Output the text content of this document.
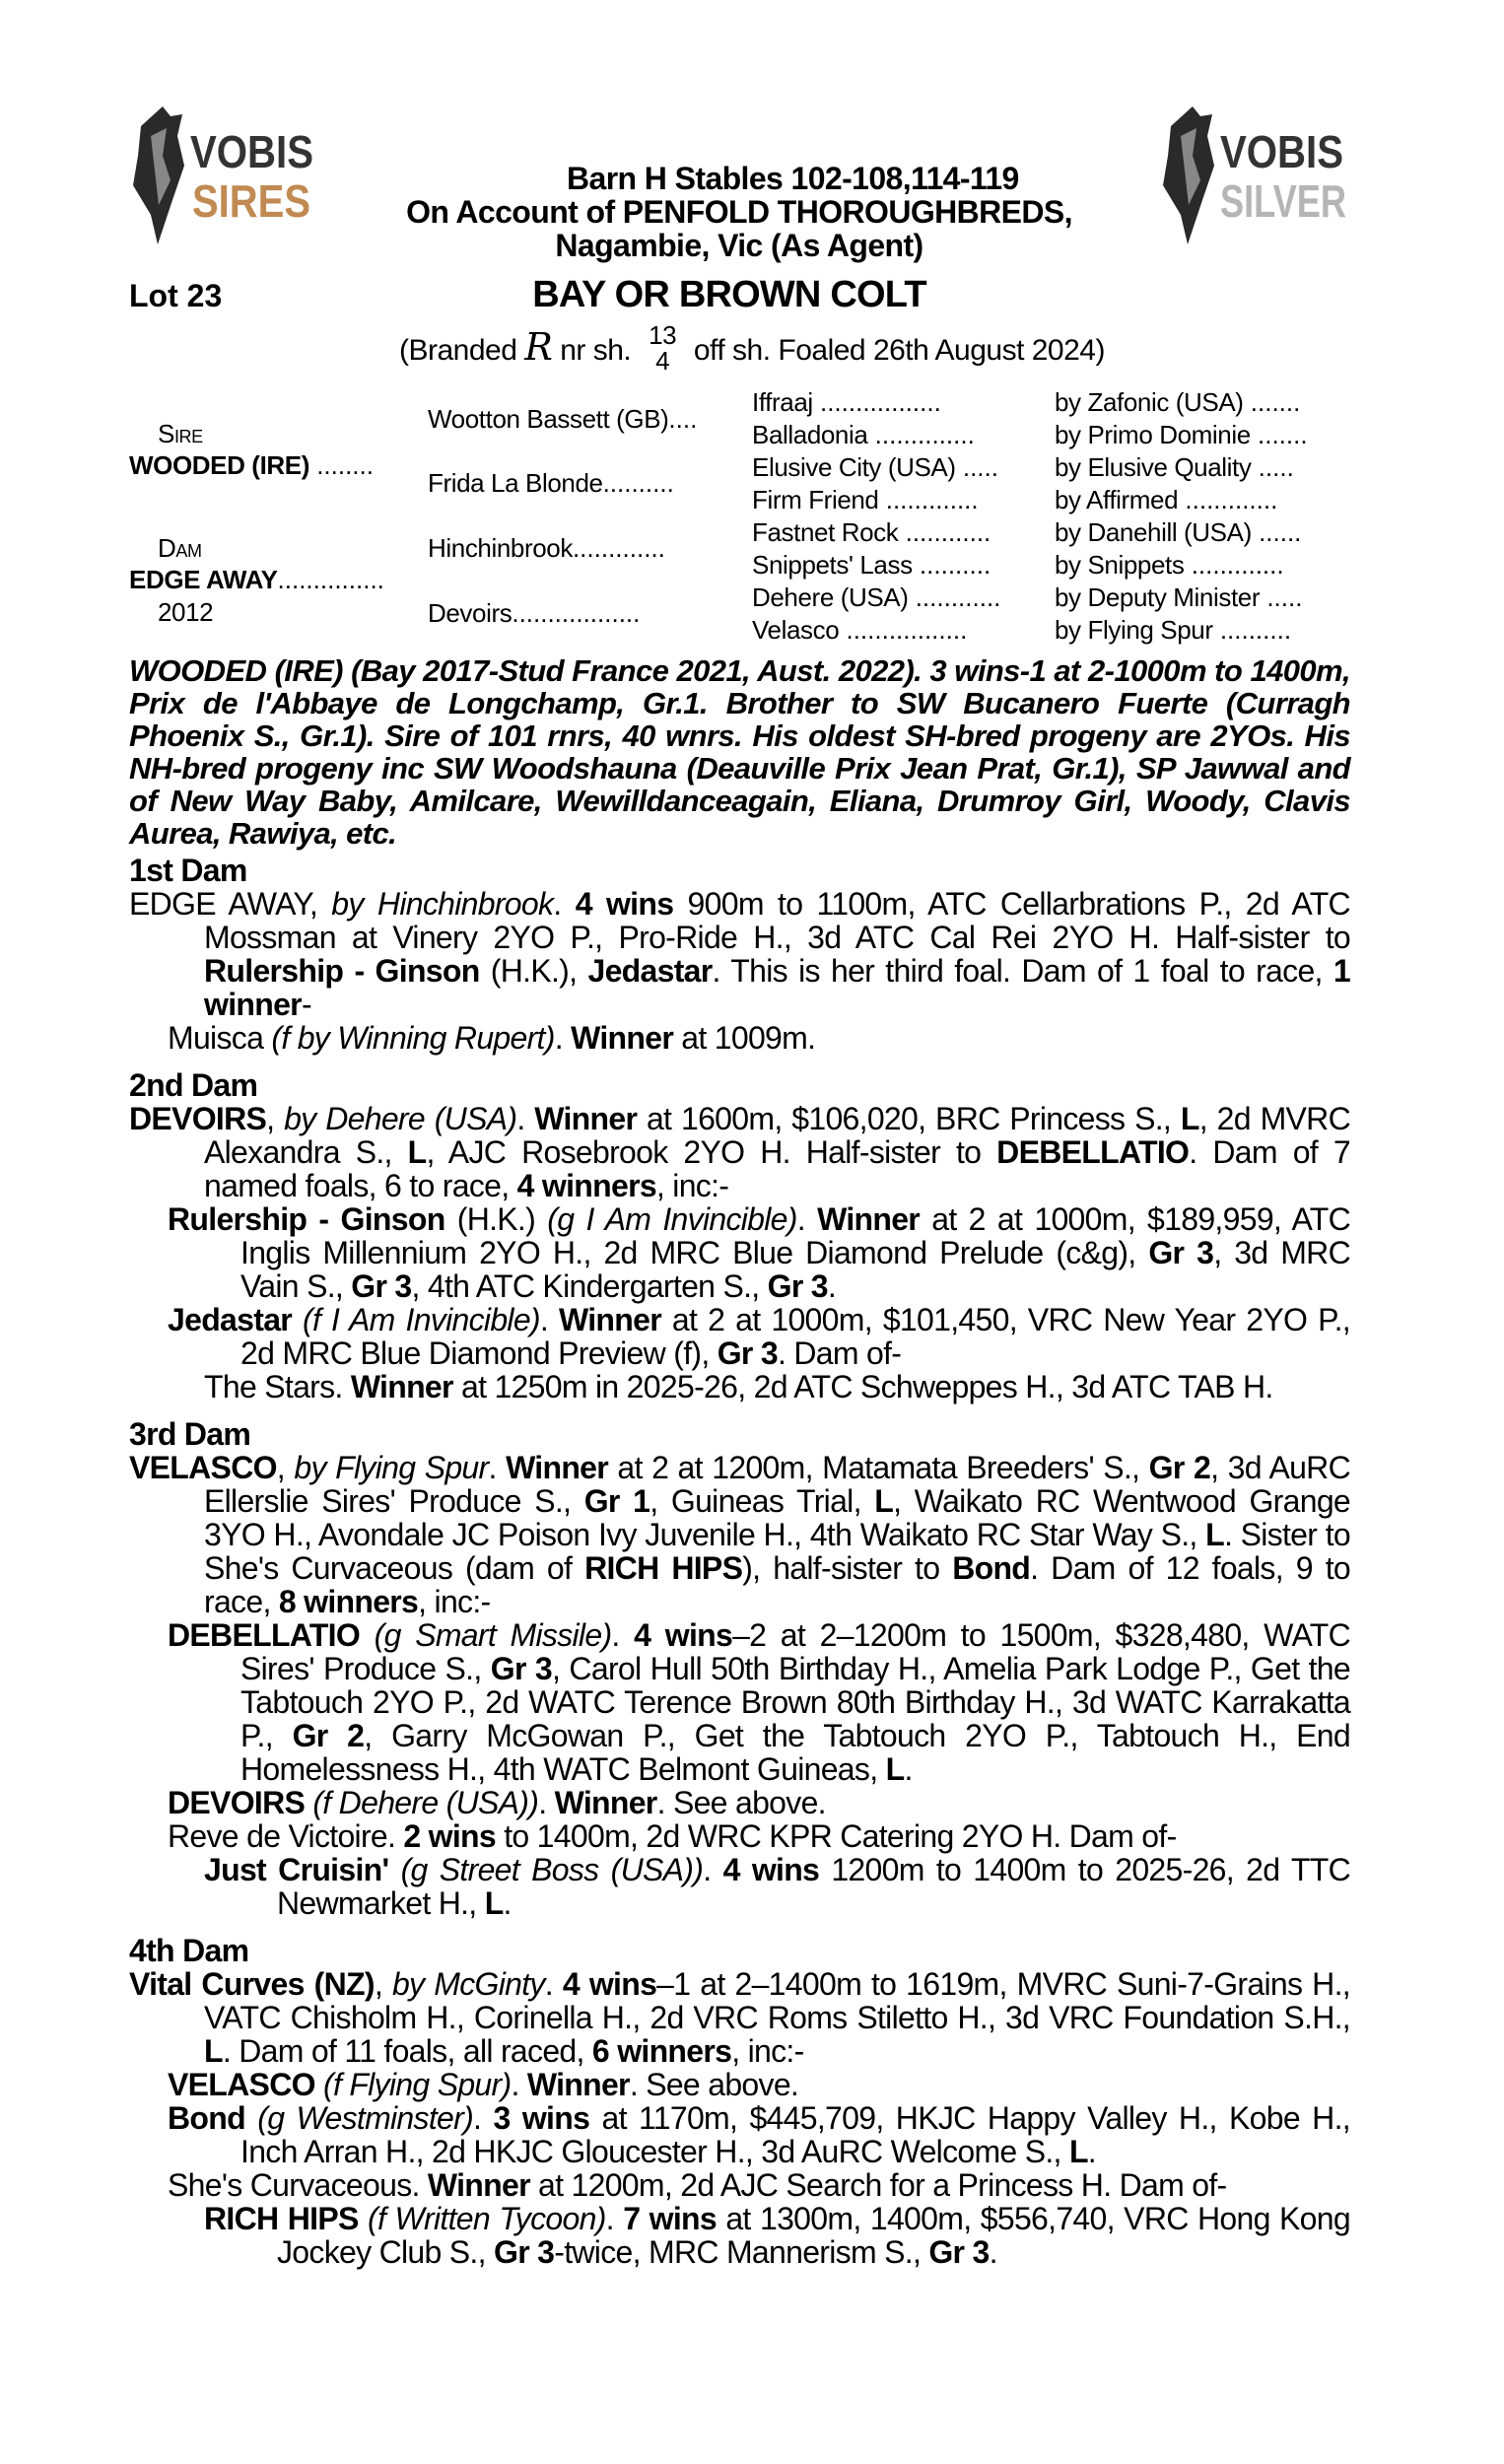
VOBIS
SIRES
VOBIS
SILVER
Barn H Stables 102-108,114-119
On Account of PENFOLD THOROUGHBREDS,
Nagambie, Vic (As Agent)
Lot 23	BAY OR BROWN COLT
(Branded R nr sh. 13
4 off sh. Foaled 26th August 2024)
Sire
WOODED (IRE) ........
Dam
EDGE AWAY...............
2012
Wootton Bassett (GB)....
Frida La Blonde..........
Hinchinbrook.............
Devoirs..................
Iffraaj .................
Balladonia ..............
Elusive City (USA) .....
Firm Friend .............
Fastnet Rock ............
Snippets' Lass ..........
Dehere (USA) ............
Velasco .................
by Zafonic (USA) .......
by Primo Dominie .......
by Elusive Quality .....
by Affirmed .............
by Danehill (USA) ......
by Snippets .............
by Deputy Minister .....
by Flying Spur ..........
WOODED (IRE) (Bay 2017-Stud France 2021, Aust. 2022). 3 wins-1 at 2-1000m to 1400m, Prix de l'Abbaye de Longchamp, Gr.1. Brother to SW Bucanero Fuerte (Curragh Phoenix S., Gr.1). Sire of 101 rnrs, 40 wnrs. His oldest SH-bred progeny are 2YOs. His NH-bred progeny inc SW Woodshauna (Deauville Prix Jean Prat, Gr.1), SP Jawwal and of New Way Baby, Amilcare, Wewilldanceagain, Eliana, Drumroy Girl, Woody, Clavis Aurea, Rawiya, etc.
1st Dam

EDGE AWAY, by Hinchinbrook. 4 wins 900m to 1100m, ATC Cellarbrations P., 2d ATC Mossman at Vinery 2YO P., Pro-Ride H., 3d ATC Cal Rei 2YO H. Half-sister to Rulership - Ginson (H.K.), Jedastar. This is her third foal. Dam of 1 foal to race, 1 winner-

Muisca (f by Winning Rupert). Winner at 1009m.

2nd Dam

DEVOIRS, by Dehere (USA). Winner at 1600m, $106,020, BRC Princess S., L, 2d MVRC Alexandra S., L, AJC Rosebrook 2YO H. Half-sister to DEBELLATIO. Dam of 7 named foals, 6 to race, 4 winners, inc:-

Rulership - Ginson (H.K.) (g I Am Invincible). Winner at 2 at 1000m, $189,959, ATC Inglis Millennium 2YO H., 2d MRC Blue Diamond Prelude (c&g), Gr 3, 3d MRC Vain S., Gr 3, 4th ATC Kindergarten S., Gr 3.

Jedastar (f I Am Invincible). Winner at 2 at 1000m, $101,450, VRC New Year 2YO P., 2d MRC Blue Diamond Preview (f), Gr 3. Dam of-

The Stars. Winner at 1250m in 2025-26, 2d ATC Schweppes H., 3d ATC TAB H.

3rd Dam

VELASCO, by Flying Spur. Winner at 2 at 1200m, Matamata Breeders' S., Gr 2, 3d AuRC Ellerslie Sires' Produce S., Gr 1, Guineas Trial, L, Waikato RC Wentwood Grange 3YO H., Avondale JC Poison Ivy Juvenile H., 4th Waikato RC Star Way S., L. Sister to She's Curvaceous (dam of RICH HIPS), half-sister to Bond. Dam of 12 foals, 9 to race, 8 winners, inc:-

DEBELLATIO (g Smart Missile). 4 wins–2 at 2–1200m to 1500m, $328,480, WATC Sires' Produce S., Gr 3, Carol Hull 50th Birthday H., Amelia Park Lodge P., Get the Tabtouch 2YO P., 2d WATC Terence Brown 80th Birthday H., 3d WATC Karrakatta P., Gr 2, Garry McGowan P., Get the Tabtouch 2YO P., Tabtouch H., End Homelessness H., 4th WATC Belmont Guineas, L.

DEVOIRS (f Dehere (USA)). Winner. See above.

Reve de Victoire. 2 wins to 1400m, 2d WRC KPR Catering 2YO H. Dam of-

Just Cruisin' (g Street Boss (USA)). 4 wins 1200m to 1400m to 2025-26, 2d TTC Newmarket H., L.

4th Dam

Vital Curves (NZ), by McGinty. 4 wins–1 at 2–1400m to 1619m, MVRC Suni-7-Grains H., VATC Chisholm H., Corinella H., 2d VRC Roms Stiletto H., 3d VRC Foundation S.H., L. Dam of 11 foals, all raced, 6 winners, inc:-

VELASCO (f Flying Spur). Winner. See above.

Bond (g Westminster). 3 wins at 1170m, $445,709, HKJC Happy Valley H., Kobe H., Inch Arran H., 2d HKJC Gloucester H., 3d AuRC Welcome S., L.

She's Curvaceous. Winner at 1200m, 2d AJC Search for a Princess H. Dam of-

RICH HIPS (f Written Tycoon). 7 wins at 1300m, 1400m, $556,740, VRC Hong Kong Jockey Club S., Gr 3-twice, MRC Mannerism S., Gr 3.
